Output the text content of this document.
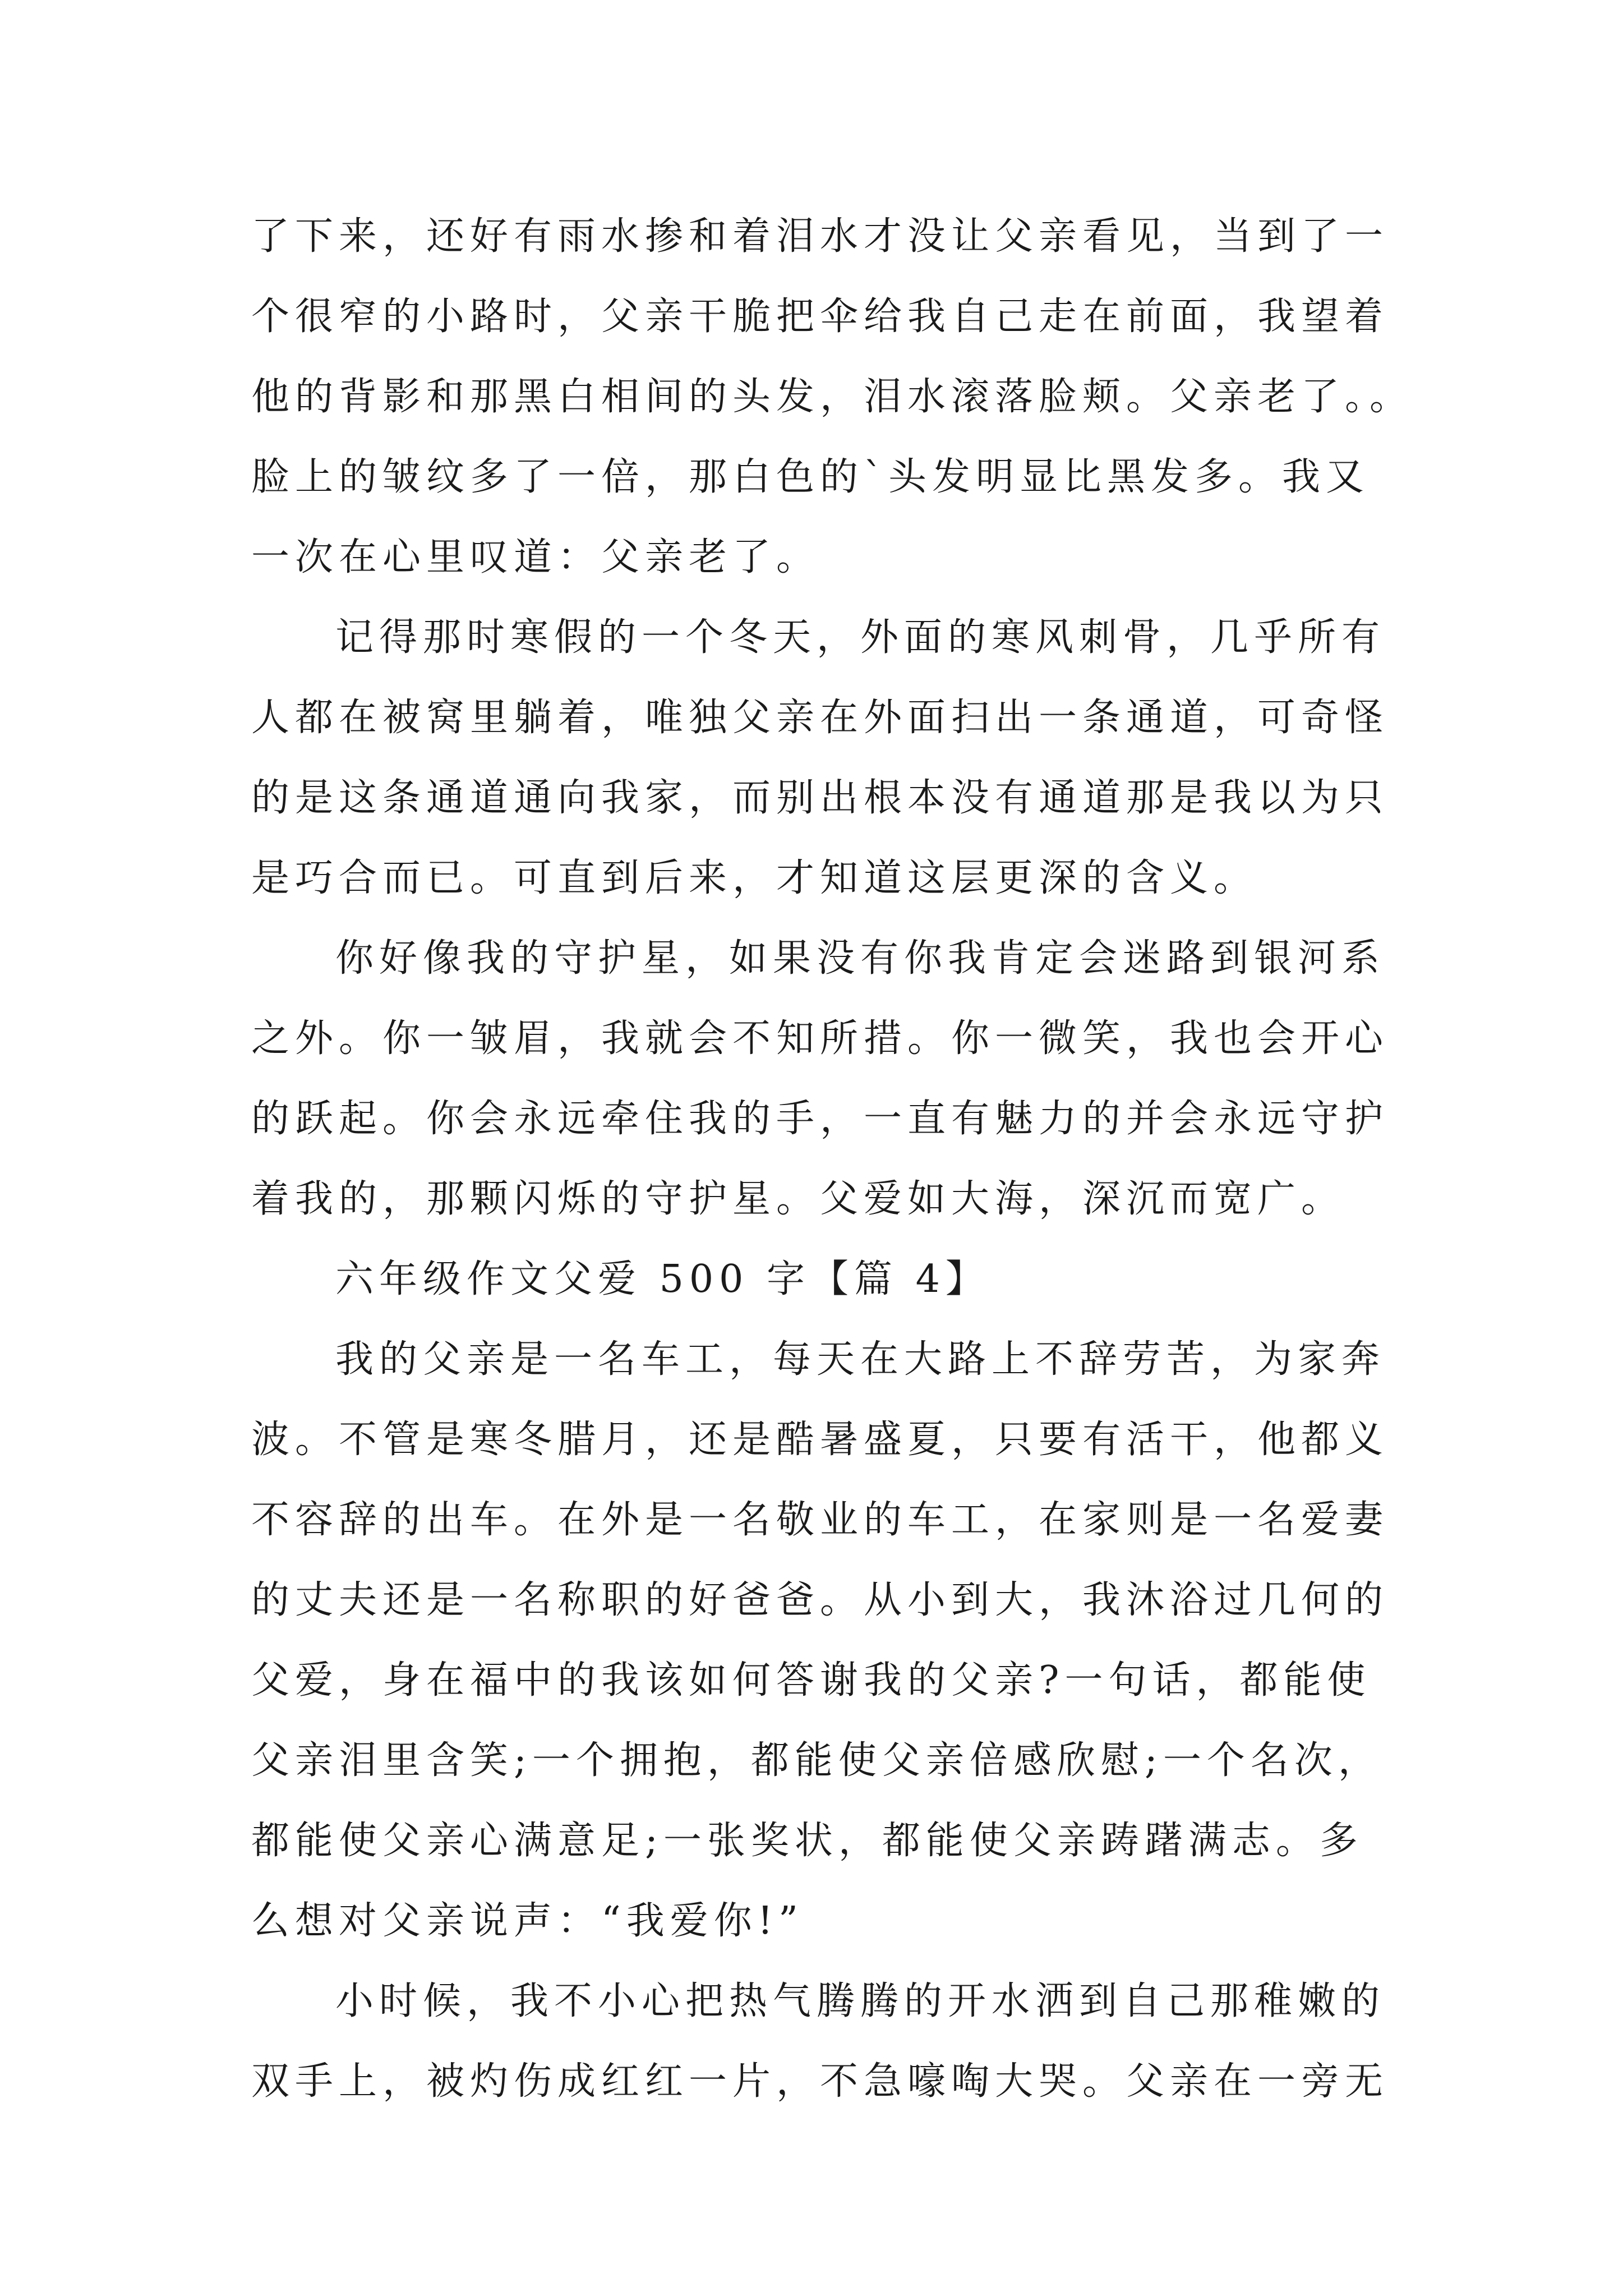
了下来，还好有雨水掺和着泪水才没让父亲看见，当到了一
个很窄的小路时，父亲干脆把伞给我自己走在前面，我望着
他的背影和那黑白相间的头发，泪水滚落脸颊。父亲老了。。
脸上的皱纹多了一倍，那白色的`头发明显比黑发多。我又
一次在心里叹道：父亲老了。
记得那时寒假的一个冬天，外面的寒风刺骨，几乎所有
人都在被窝里躺着，唯独父亲在外面扫出一条通道，可奇怪
的是这条通道通向我家，而别出根本没有通道那是我以为只
是巧合而已。可直到后来，才知道这层更深的含义。
你好像我的守护星，如果没有你我肯定会迷路到银河系
之外。你一皱眉，我就会不知所措。你一微笑，我也会开心
的跃起。你会永远牵住我的手，一直有魅力的并会永远守护
着我的，那颗闪烁的守护星。父爱如大海，深沉而宽广。
六年级作文父爱 500 字【篇 4】
我的父亲是一名车工，每天在大路上不辞劳苦，为家奔
波。不管是寒冬腊月，还是酷暑盛夏，只要有活干，他都义
不容辞的出车。在外是一名敬业的车工，在家则是一名爱妻
的丈夫还是一名称职的好爸爸。从小到大，我沐浴过几何的
父爱，身在福中的我该如何答谢我的父亲?一句话，都能使
父亲泪里含笑;一个拥抱，都能使父亲倍感欣慰;一个名次，
都能使父亲心满意足;一张奖状，都能使父亲踌躇满志。多
么想对父亲说声：“我爱你!”
小时候，我不小心把热气腾腾的开水洒到自己那稚嫩的
双手上，被灼伤成红红一片，不急嚎啕大哭。父亲在一旁无
